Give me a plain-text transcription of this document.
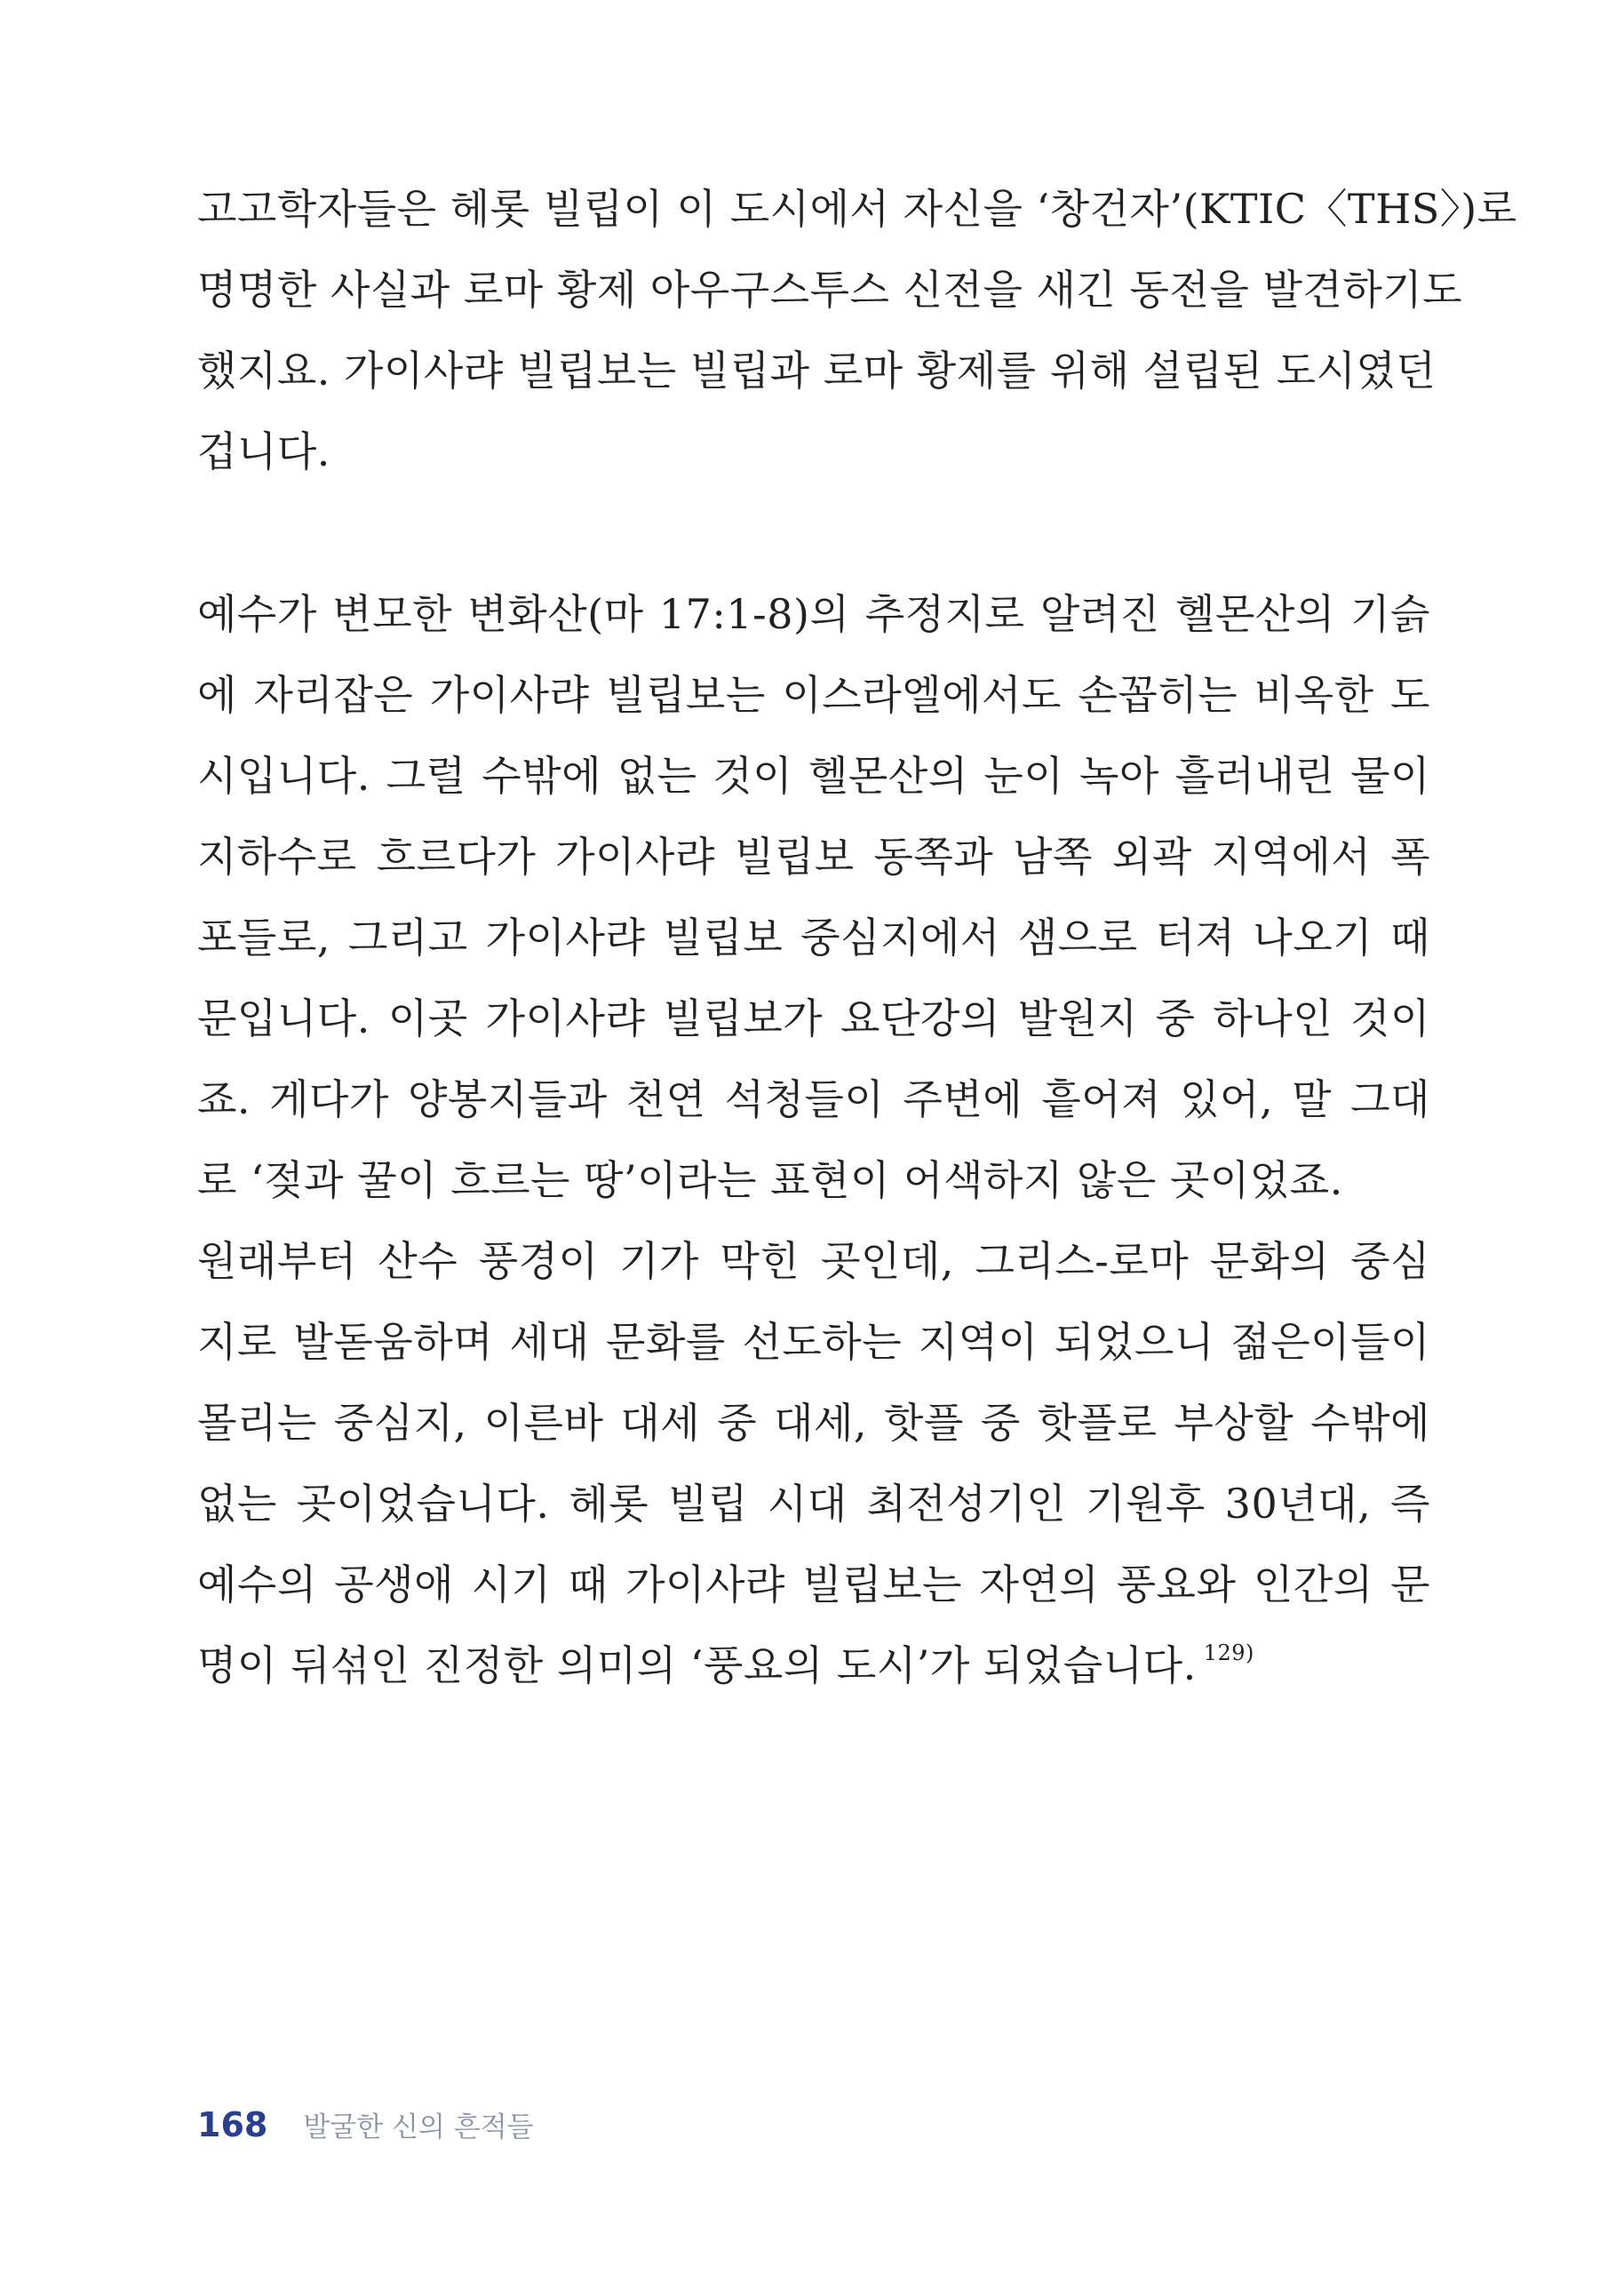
고고학자들은 헤롯 빌립이 이 도시에서 자신을 ‘창건자’(KTIC〈THS〉)로
명명한 사실과 로마 황제 아우구스투스 신전을 새긴 동전을 발견하기도
했지요. 가이사랴 빌립보는 빌립과 로마 황제를 위해 설립된 도시였던
겁니다.
예수가 변모한 변화산(마 17:1-8)의 추정지로 알려진 헬몬산의 기슭
에 자리잡은 가이사랴 빌립보는 이스라엘에서도 손꼽히는 비옥한 도
시입니다. 그럴 수밖에 없는 것이 헬몬산의 눈이 녹아 흘러내린 물이
지하수로 흐르다가 가이사랴 빌립보 동쪽과 남쪽 외곽 지역에서 폭
포들로, 그리고 가이사랴 빌립보 중심지에서 샘으로 터져 나오기 때
문입니다. 이곳 가이사랴 빌립보가 요단강의 발원지 중 하나인 것이
죠. 게다가 양봉지들과 천연 석청들이 주변에 흩어져 있어, 말 그대
로 ‘젖과 꿀이 흐르는 땅’이라는 표현이 어색하지 않은 곳이었죠.
원래부터 산수 풍경이 기가 막힌 곳인데, 그리스-로마 문화의 중심
지로 발돋움하며 세대 문화를 선도하는 지역이 되었으니 젊은이들이
몰리는 중심지, 이른바 대세 중 대세, 핫플 중 핫플로 부상할 수밖에
없는 곳이었습니다. 헤롯 빌립 시대 최전성기인 기원후 30년대, 즉
예수의 공생애 시기 때 가이사랴 빌립보는 자연의 풍요와 인간의 문
명이 뒤섞인 진정한 의미의 ‘풍요의 도시’가 되었습니다. $^{129)}$
168 발굴한 신의 흔적들
